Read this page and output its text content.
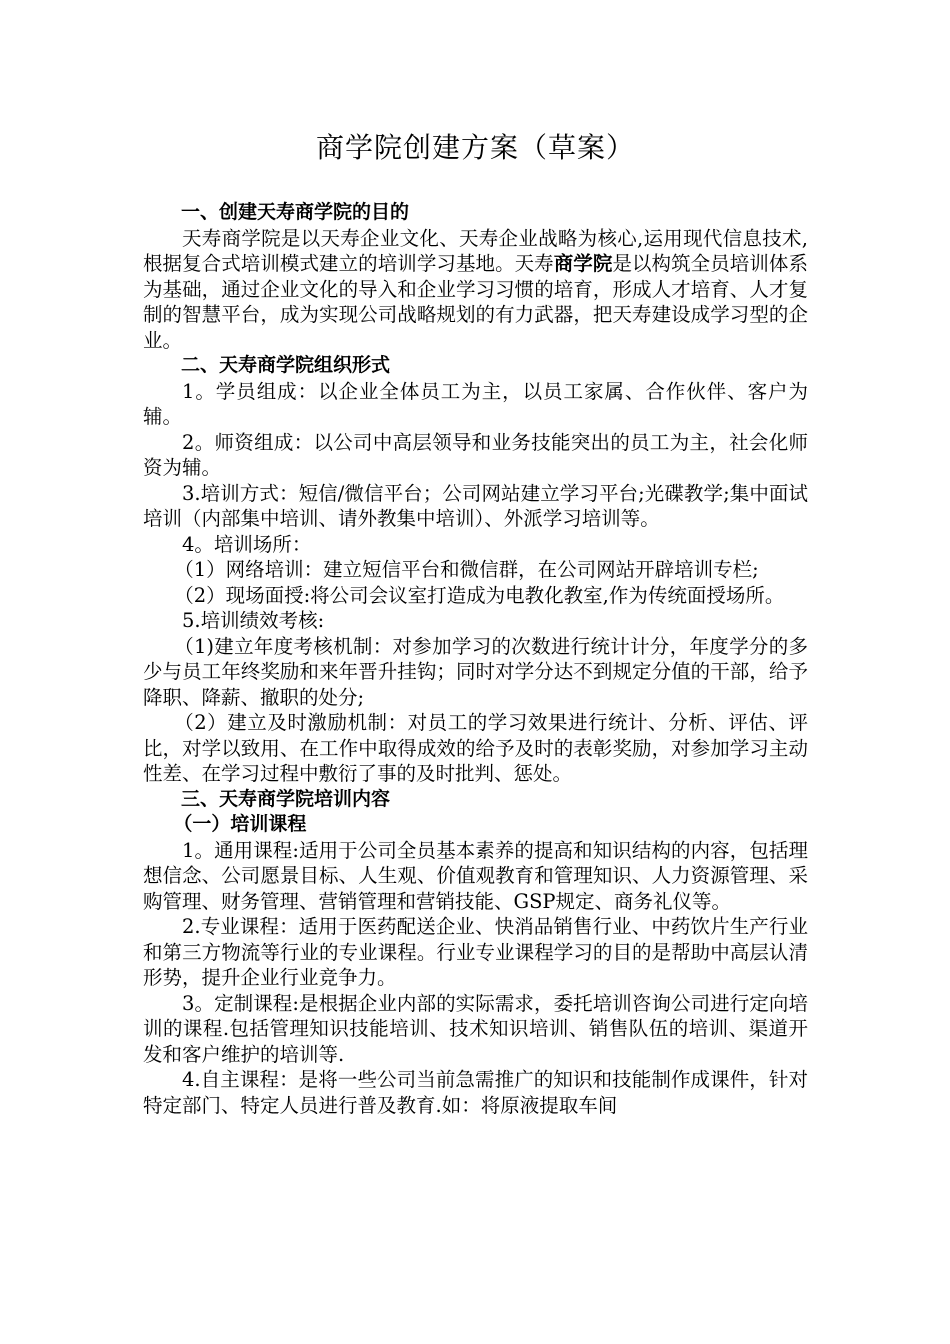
商学院创建方案（草案）

一、创建天寿商学院的目的

天寿商学院是以天寿企业文化、天寿企业战略为核心,运用现代信息技术,根据复合式培训模式建立的培训学习基地。天寿商学院是以构筑全员培训体系为基础，通过企业文化的导入和企业学习习惯的培育，形成人才培育、人才复制的智慧平台，成为实现公司战略规划的有力武器，把天寿建设成学习型的企业。

二、天寿商学院组织形式

1。学员组成：以企业全体员工为主，以员工家属、合作伙伴、客户为辅。

2。师资组成：以公司中高层领导和业务技能突出的员工为主，社会化师资为辅。

3.培训方式：短信/微信平台；公司网站建立学习平台;光碟教学;集中面试培训（内部集中培训、请外教集中培训）、外派学习培训等。

4。培训场所：

（1）网络培训：建立短信平台和微信群，在公司网站开辟培训专栏;

（2）现场面授:将公司会议室打造成为电教化教室,作为传统面授场所。

5.培训绩效考核:

（1)建立年度考核机制：对参加学习的次数进行统计计分，年度学分的多少与员工年终奖励和来年晋升挂钩；同时对学分达不到规定分值的干部，给予降职、降薪、撤职的处分;

（2）建立及时激励机制：对员工的学习效果进行统计、分析、评估、评比，对学以致用、在工作中取得成效的给予及时的表彰奖励，对参加学习主动性差、在学习过程中敷衍了事的及时批判、惩处。

三、天寿商学院培训内容

（一）培训课程

1。通用课程:适用于公司全员基本素养的提高和知识结构的内容，包括理想信念、公司愿景目标、人生观、价值观教育和管理知识、人力资源管理、采购管理、财务管理、营销管理和营销技能、GSP规定、商务礼仪等。

2.专业课程：适用于医药配送企业、快消品销售行业、中药饮片生产行业和第三方物流等行业的专业课程。行业专业课程学习的目的是帮助中高层认清形势，提升企业行业竞争力。

3。定制课程:是根据企业内部的实际需求，委托培训咨询公司进行定向培训的课程.包括管理知识技能培训、技术知识培训、销售队伍的培训、渠道开发和客户维护的培训等.

4.自主课程：是将一些公司当前急需推广的知识和技能制作成课件，针对特定部门、特定人员进行普及教育.如：将原液提取车间
